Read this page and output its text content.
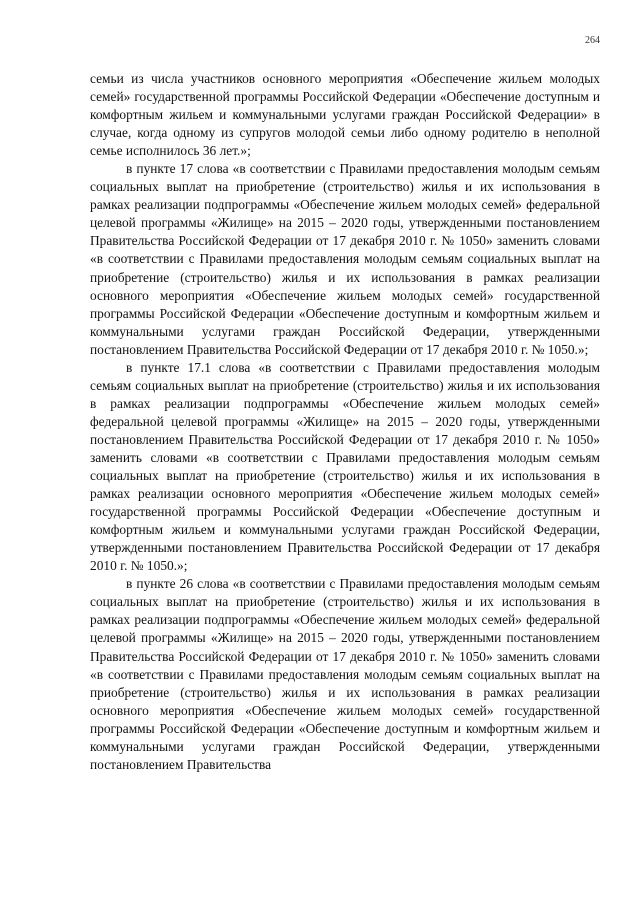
264

семьи из числа участников основного мероприятия «Обеспечение жильем молодых семей» государственной программы Российской Федерации «Обеспечение доступным и комфортным жильем и коммунальными услугами граждан Российской Федерации» в случае, когда одному из супругов молодой семьи либо одному родителю в неполной семье исполнилось 36 лет.»;

в пункте 17 слова «в соответствии с Правилами предоставления молодым семьям социальных выплат на приобретение (строительство) жилья и их использования в рамках реализации подпрограммы «Обеспечение жильем молодых семей» федеральной целевой программы «Жилище» на 2015 – 2020 годы, утвержденными постановлением Правительства Российской Федерации от 17 декабря 2010 г. № 1050» заменить словами «в соответствии с Правилами предоставления молодым семьям социальных выплат на приобретение (строительство) жилья и их использования в рамках реализации основного мероприятия «Обеспечение жильем молодых семей» государственной программы Российской Федерации «Обеспечение доступным и комфортным жильем и коммунальными услугами граждан Российской Федерации, утвержденными постановлением Правительства Российской Федерации от 17 декабря 2010 г. № 1050.»;

в пункте 17.1 слова «в соответствии с Правилами предоставления молодым семьям социальных выплат на приобретение (строительство) жилья и их использования в рамках реализации подпрограммы «Обеспечение жильем молодых семей» федеральной целевой программы «Жилище» на 2015 – 2020 годы, утвержденными постановлением Правительства Российской Федерации от 17 декабря 2010 г. № 1050» заменить словами «в соответствии с Правилами предоставления молодым семьям социальных выплат на приобретение (строительство) жилья и их использования в рамках реализации основного мероприятия «Обеспечение жильем молодых семей» государственной программы Российской Федерации «Обеспечение доступным и комфортным жильем и коммунальными услугами граждан Российской Федерации, утвержденными постановлением Правительства Российской Федерации от 17 декабря 2010 г. № 1050.»;

в пункте 26 слова «в соответствии с Правилами предоставления молодым семьям социальных выплат на приобретение (строительство) жилья и их использования в рамках реализации подпрограммы «Обеспечение жильем молодых семей» федеральной целевой программы «Жилище» на 2015 – 2020 годы, утвержденными постановлением Правительства Российской Федерации от 17 декабря 2010 г. № 1050» заменить словами «в соответствии с Правилами предоставления молодым семьям социальных выплат на приобретение (строительство) жилья и их использования в рамках реализации основного мероприятия «Обеспечение жильем молодых семей» государственной программы Российской Федерации «Обеспечение доступным и комфортным жильем и коммунальными услугами граждан Российской Федерации, утвержденными постановлением Правительства
